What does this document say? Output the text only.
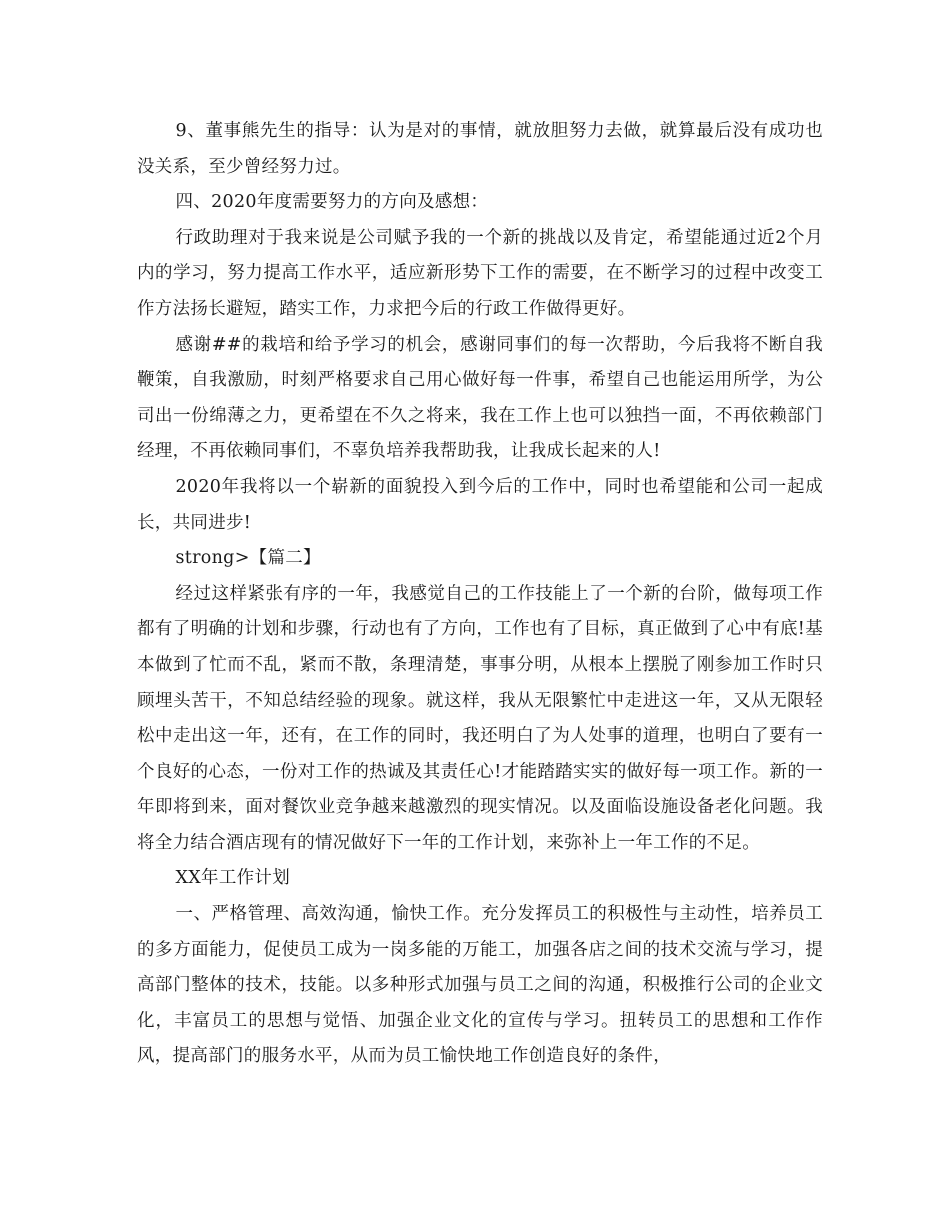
9、董事熊先生的指导：认为是对的事情，就放胆努力去做，就算最后没有成功也没关系，至少曾经努力过。

四、2020年度需要努力的方向及感想：

行政助理对于我来说是公司赋予我的一个新的挑战以及肯定，希望能通过近2个月内的学习，努力提高工作水平，适应新形势下工作的需要，在不断学习的过程中改变工作方法扬长避短，踏实工作，力求把今后的行政工作做得更好。

感谢##的栽培和给予学习的机会，感谢同事们的每一次帮助，今后我将不断自我鞭策，自我激励，时刻严格要求自己用心做好每一件事，希望自己也能运用所学，为公司出一份绵薄之力，更希望在不久之将来，我在工作上也可以独挡一面，不再依赖部门经理，不再依赖同事们，不辜负培养我帮助我，让我成长起来的人!

2020年我将以一个崭新的面貌投入到今后的工作中，同时也希望能和公司一起成长，共同进步!

strong>【篇二】

经过这样紧张有序的一年，我感觉自己的工作技能上了一个新的台阶，做每项工作都有了明确的计划和步骤，行动也有了方向，工作也有了目标，真正做到了心中有底!基本做到了忙而不乱，紧而不散，条理清楚，事事分明，从根本上摆脱了刚参加工作时只顾埋头苦干，不知总结经验的现象。就这样，我从无限繁忙中走进这一年，又从无限轻松中走出这一年，还有，在工作的同时，我还明白了为人处事的道理，也明白了要有一个良好的心态，一份对工作的热诚及其责任心!才能踏踏实实的做好每一项工作。新的一年即将到来，面对餐饮业竞争越来越激烈的现实情况。以及面临设施设备老化问题。我将全力结合酒店现有的情况做好下一年的工作计划，来弥补上一年工作的不足。

XX年工作计划

一、严格管理、高效沟通，愉快工作。充分发挥员工的积极性与主动性，培养员工的多方面能力，促使员工成为一岗多能的万能工，加强各店之间的技术交流与学习，提高部门整体的技术，技能。以多种形式加强与员工之间的沟通，积极推行公司的企业文化，丰富员工的思想与觉悟、加强企业文化的宣传与学习。扭转员工的思想和工作作风，提高部门的服务水平，从而为员工愉快地工作创造良好的条件，
